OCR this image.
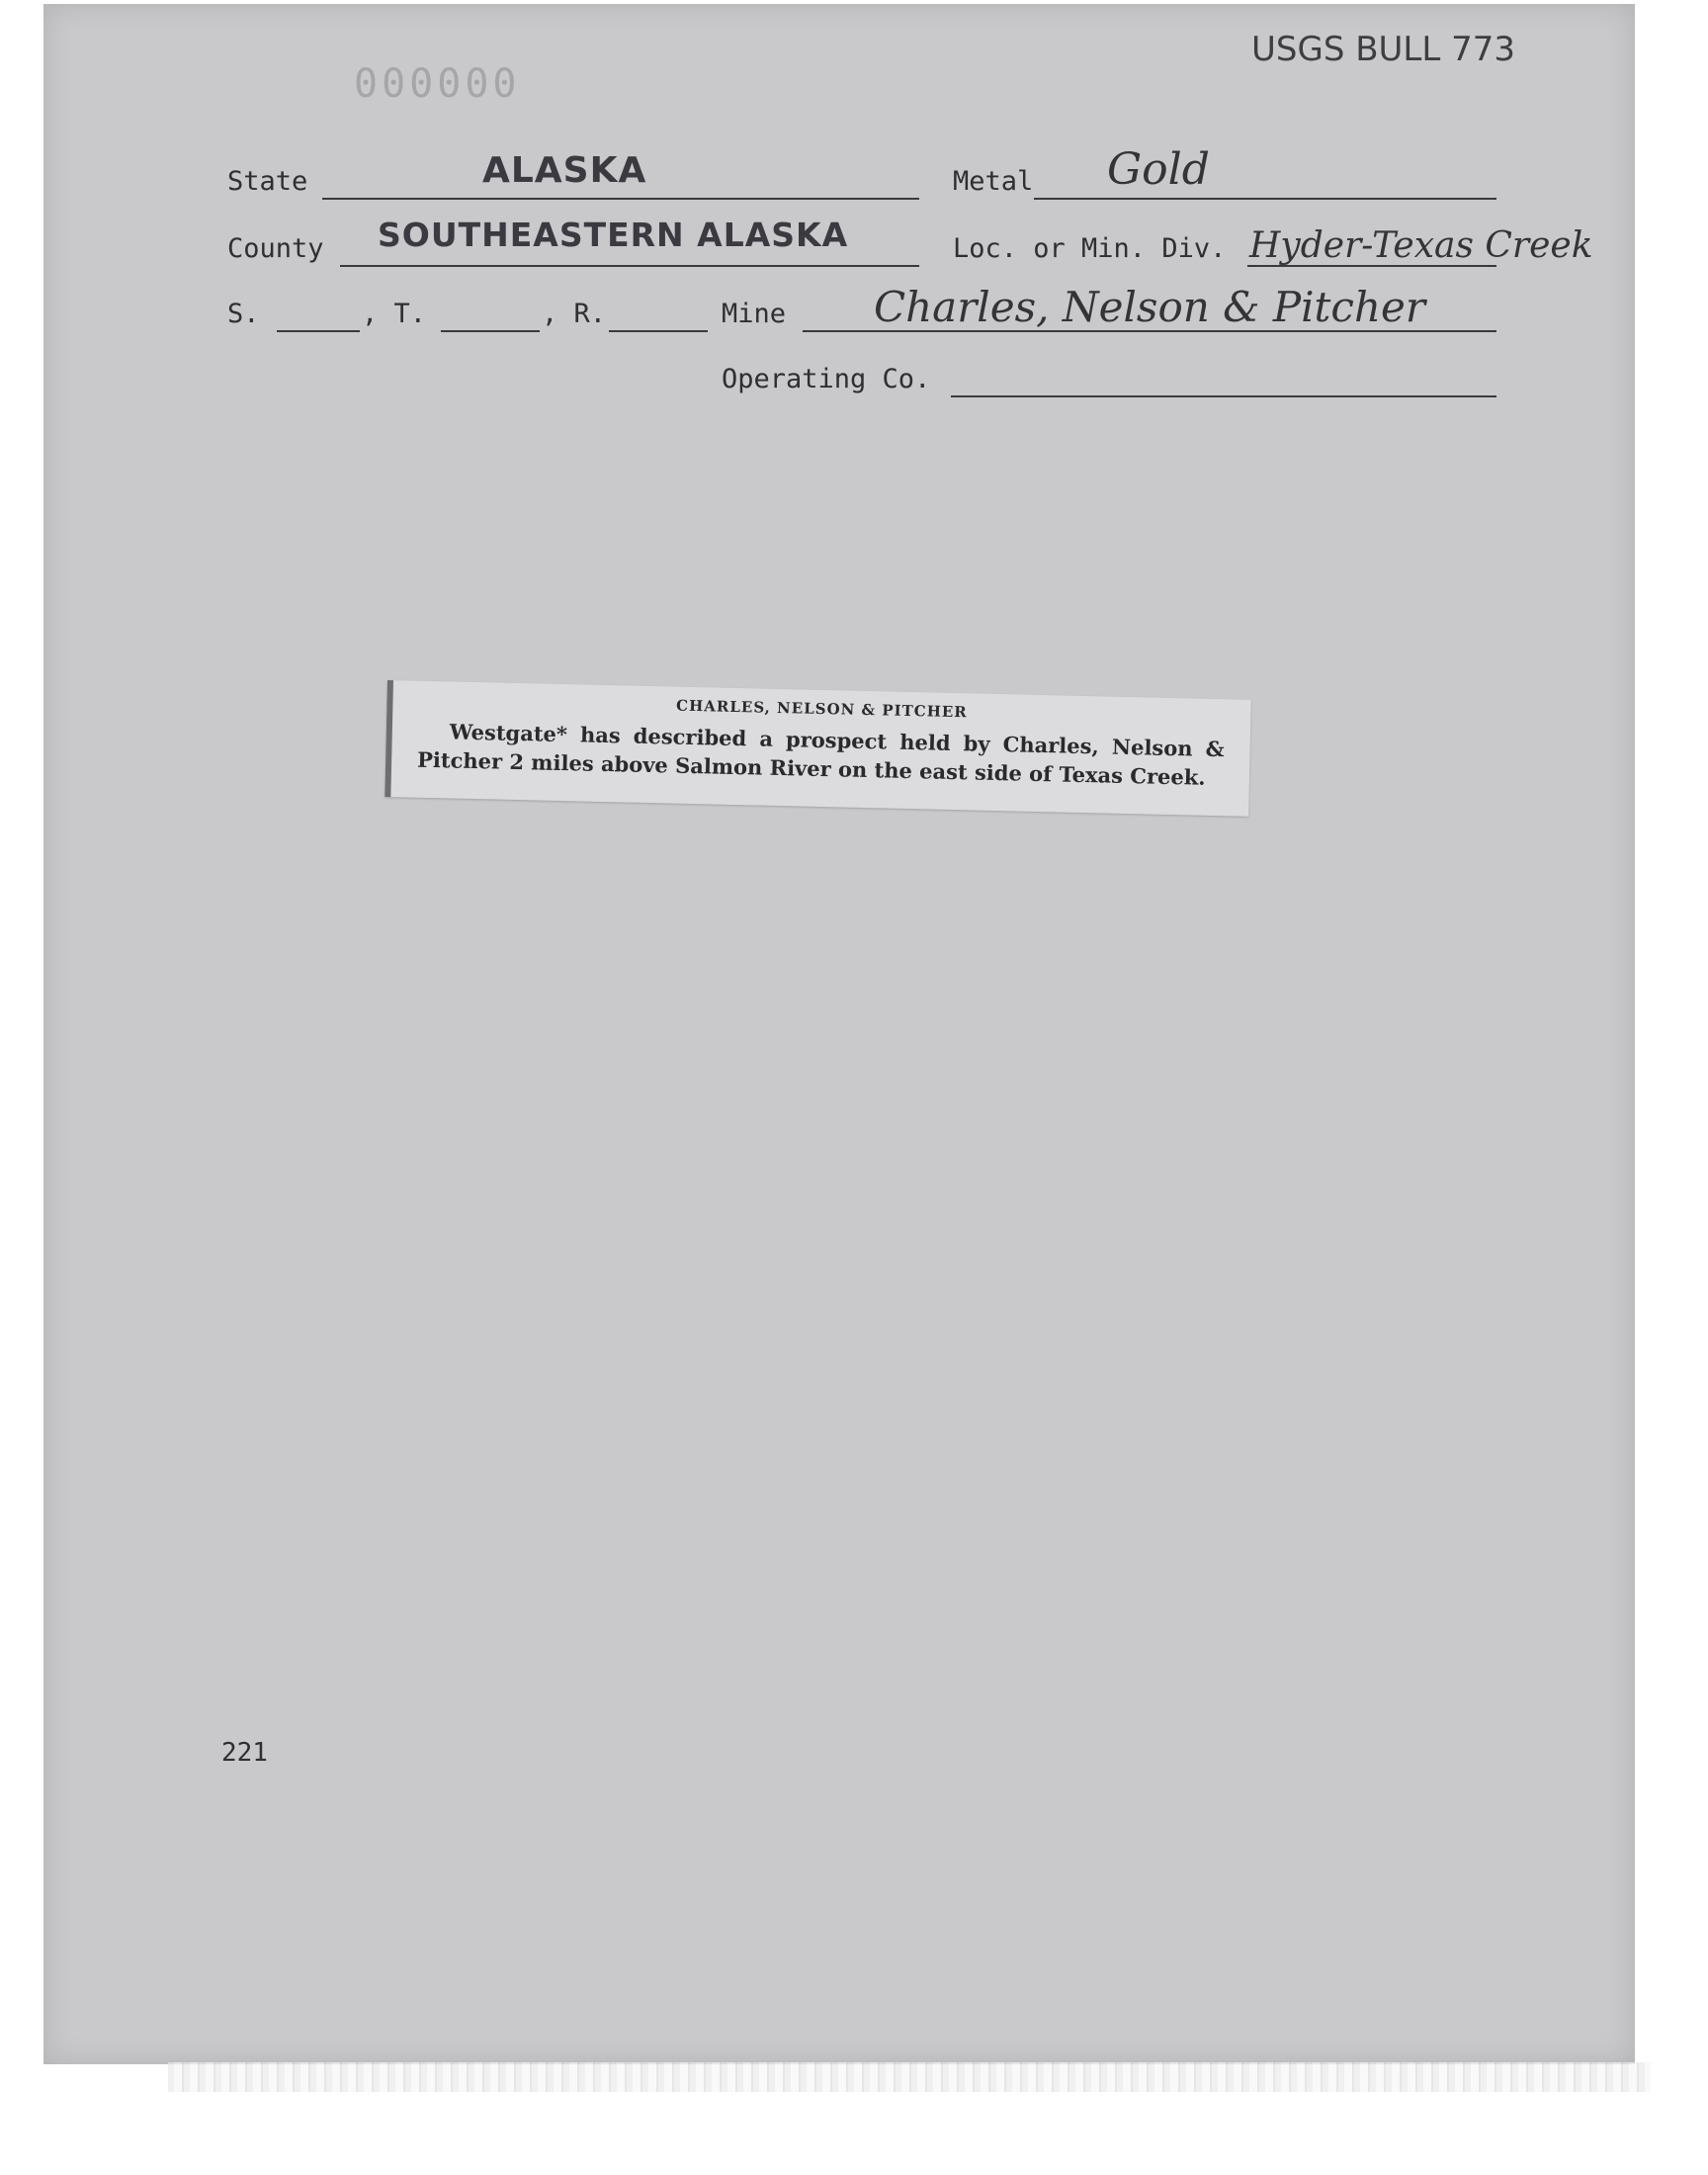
000000
USGS BULL 773
State	ALASKA	Metal Gold
County SOUTHEASTERN ALASKA	Loc. or Min. Div. Hyder-Texas Creek
S.	, T.	, R.	Mine Charles, Nelson & Pitcher
Operating Co.
CHARLES, NELSON & PITCHER
Westgate* has described a prospect held by Charles, Nelson & Pitcher 2 miles above Salmon River on the east side of Texas Creek.
221
